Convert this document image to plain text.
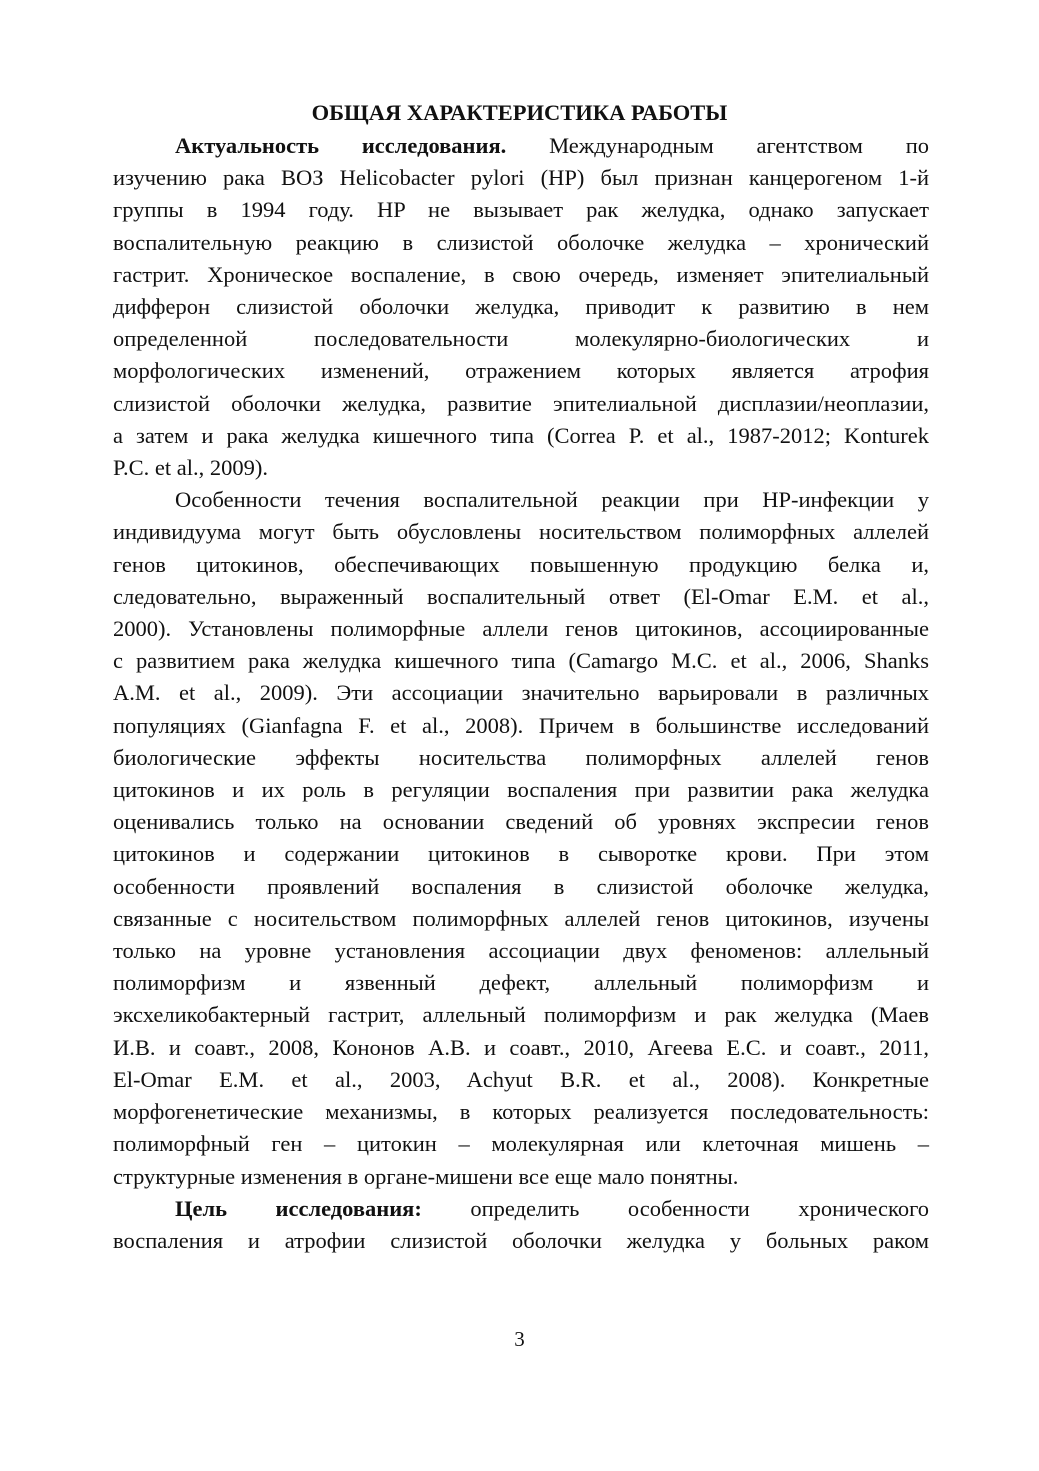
ОБЩАЯ ХАРАКТЕРИСТИКА РАБОТЫ
Актуальность исследования. Международным агентством по
изучению рака ВОЗ Helicobacter pylori (HP) был признан канцерогеном 1-й
группы в 1994 году. HP не вызывает рак желудка, однако запускает
воспалительную реакцию в слизистой оболочке желудка – хронический
гастрит. Хроническое воспаление, в свою очередь, изменяет эпителиальный
дифферон слизистой оболочки желудка, приводит к развитию в нем
определенной последовательности молекулярно-биологических и
морфологических изменений, отражением которых является атрофия
слизистой оболочки желудка, развитие эпителиальной дисплазии/неоплазии,
а затем и рака желудка кишечного типа (Correa P. et al., 1987-2012; Konturek
P.C. et al., 2009).
Особенности течения воспалительной реакции при HP-инфекции у
индивидуума могут быть обусловлены носительством полиморфных аллелей
генов цитокинов, обеспечивающих повышенную продукцию белка и,
следовательно, выраженный воспалительный ответ (El-Omar E.M. et al.,
2000). Установлены полиморфные аллели генов цитокинов, ассоциированные
с развитием рака желудка кишечного типа (Camargo M.C. et al., 2006, Shanks
A.M. et al., 2009). Эти ассоциации значительно варьировали в различных
популяциях (Gianfagna F. et al., 2008). Причем в большинстве исследований
биологические эффекты носительства полиморфных аллелей генов
цитокинов и их роль в регуляции воспаления при развитии рака желудка
оценивались только на основании сведений об уровнях экспресии генов
цитокинов и содержании цитокинов в сыворотке крови. При этом
особенности проявлений воспаления в слизистой оболочке желудка,
связанные с носительством полиморфных аллелей генов цитокинов, изучены
только на уровне установления ассоциации двух феноменов: аллельный
полиморфизм и язвенный дефект, аллельный полиморфизм и
эксхеликобактерный гастрит, аллельный полиморфизм и рак желудка (Маев
И.В. и соавт., 2008, Кононов А.В. и соавт., 2010, Агеева Е.С. и соавт., 2011,
El-Omar E.M. et al., 2003, Achyut B.R. et al., 2008). Конкретные
морфогенетические механизмы, в которых реализуется последовательность:
полиморфный ген – цитокин – молекулярная или клеточная мишень –
структурные изменения в органе-мишени все еще мало понятны.
Цель исследования: определить особенности хронического
воспаления и атрофии слизистой оболочки желудка у больных раком
3
